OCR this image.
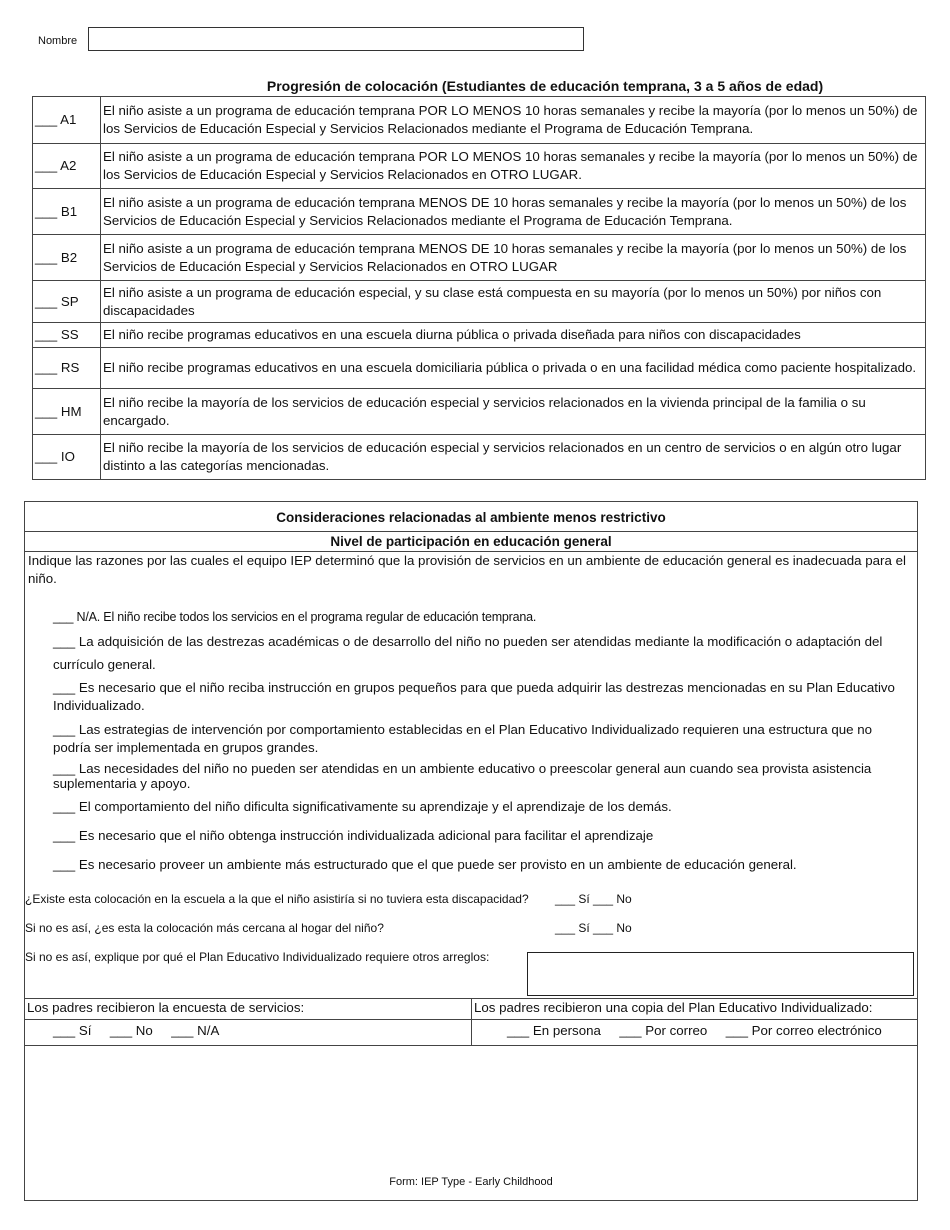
Nombre
Progresión de colocación (Estudiantes de educación temprana, 3 a 5 años de edad)
___ A1	El niño asiste a un programa de educación temprana POR LO MENOS 10 horas semanales y recibe la mayoría (por lo menos un 50%) de los Servicios de Educación Especial y Servicios Relacionados mediante el Programa de Educación Temprana.
___ A2	El niño asiste a un programa de educación temprana POR LO MENOS 10 horas semanales y recibe la mayoría (por lo menos un 50%) de los Servicios de Educación Especial y Servicios Relacionados en OTRO LUGAR.
___ B1	El niño asiste a un programa de educación temprana MENOS DE 10 horas semanales y recibe la mayoría (por lo menos un 50%) de los Servicios de Educación Especial y Servicios Relacionados mediante el Programa de Educación Temprana.
___ B2	El niño asiste a un programa de educación temprana MENOS DE 10 horas semanales y recibe la mayoría (por lo menos un 50%) de los Servicios de Educación Especial y Servicios Relacionados en OTRO LUGAR
___ SP	El niño asiste a un programa de educación especial, y su clase está compuesta en su mayoría (por lo menos un 50%) por niños con discapacidades
___ SS	El niño recibe programas educativos en una escuela diurna pública o privada diseñada para niños con discapacidades
___ RS	El niño recibe programas educativos en una escuela domiciliaria pública o privada o en una facilidad médica como paciente hospitalizado.
___ HM	El niño recibe la mayoría de los servicios de educación especial y servicios relacionados en la vivienda principal de la familia o su encargado.
___ IO	El niño recibe la mayoría de los servicios de educación especial y servicios relacionados en un centro de servicios o en algún otro lugar distinto a las categorías mencionadas.
Consideraciones relacionadas al ambiente menos restrictivo
Nivel de participación en educación general
Indique las razones por las cuales el equipo IEP determinó que la provisión de servicios en un ambiente de educación general es inadecuada para el niño.
___ N/A. El niño recibe todos los servicios en el programa regular de educación temprana.
___ La adquisición de las destrezas académicas o de desarrollo del niño no pueden ser atendidas mediante la modificación o adaptación del currículo general.
___ Es necesario que el niño reciba instrucción en grupos pequeños para que pueda adquirir las destrezas mencionadas en su Plan Educativo Individualizado.
___ Las estrategias de intervención por comportamiento establecidas en el Plan Educativo Individualizado requieren una estructura que no podría ser implementada en grupos grandes.
___ Las necesidades del niño no pueden ser atendidas en un ambiente educativo o preescolar general aun cuando sea provista asistencia suplementaria y apoyo.
___ El comportamiento del niño dificulta significativamente su aprendizaje y el aprendizaje de los demás.
___ Es necesario que el niño obtenga instrucción individualizada adicional para facilitar el aprendizaje
___ Es necesario proveer un ambiente más estructurado que el que puede ser provisto en un ambiente de educación general.
¿Existe esta colocación en la escuela a la que el niño asistiría si no tuviera esta discapacidad? ___ Sí ___ No
Si no es así, ¿es esta la colocación más cercana al hogar del niño?	___ Sí ___ No
Si no es así, explique por qué el Plan Educativo Individualizado requiere otros arreglos:
Los padres recibieron la encuesta de servicios:
___ Sí     ___ No     ___ N/A
Los padres recibieron una copia del Plan Educativo Individualizado:
___ En persona     ___ Por correo     ___ Por correo electrónico
Form: IEP Type - Early Childhood
